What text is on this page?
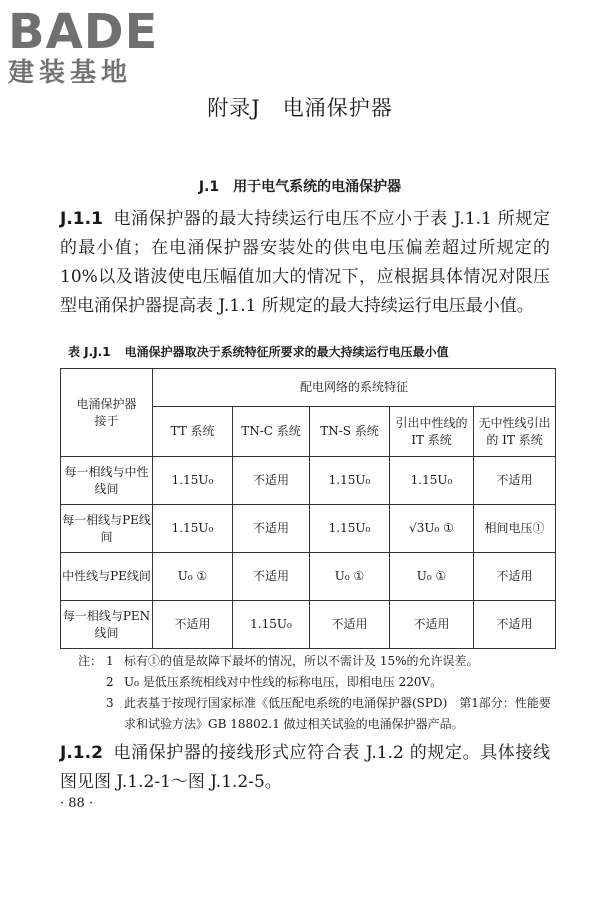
BADE
建装基地
附录J　电涌保护器
J.1　用于电气系统的电涌保护器
J.1.1 电涌保护器的最大持续运行电压不应小于表 J.1.1 所规定的最小值；在电涌保护器安装处的供电电压偏差超过所规定的10%以及谐波使电压幅值加大的情况下，应根据具体情况对限压型电涌保护器提高表 J.1.1 所规定的最大持续运行电压最小值。
表 J.J.1 电涌保护器取决于系统特征所要求的最大持续运行电压最小值
电涌保护器
接于	配电网络的系统特征				
	TT 系统	TN-C 系统	TN-S 系统	引出中性线的 IT 系统	无中性线引出的 IT 系统
每一相线与中性线间	1.15U₀	不适用	1.15U₀	1.15U₀	不适用
每一相线与PE线间	1.15U₀	不适用	1.15U₀	√3U₀ ①	相间电压①
中性线与PE线间	U₀ ①	不适用	U₀ ①	U₀ ①	不适用
每一相线与PEN线间	不适用	1.15U₀	不适用	不适用	不适用
注： 1 标有①的值是故障下最坏的情况，所以不需计及 15%的允许误差。
2 U₀ 是低压系统相线对中性线的标称电压，即相电压 220V。
3 此表基于按现行国家标准《低压配电系统的电涌保护器(SPD)　第1部分：性能要求和试验方法》GB 18802.1 做过相关试验的电涌保护器产品。
J.1.2 电涌保护器的接线形式应符合表 J.1.2 的规定。具体接线图见图 J.1.2-1～图 J.1.2-5。
· 88 ·
